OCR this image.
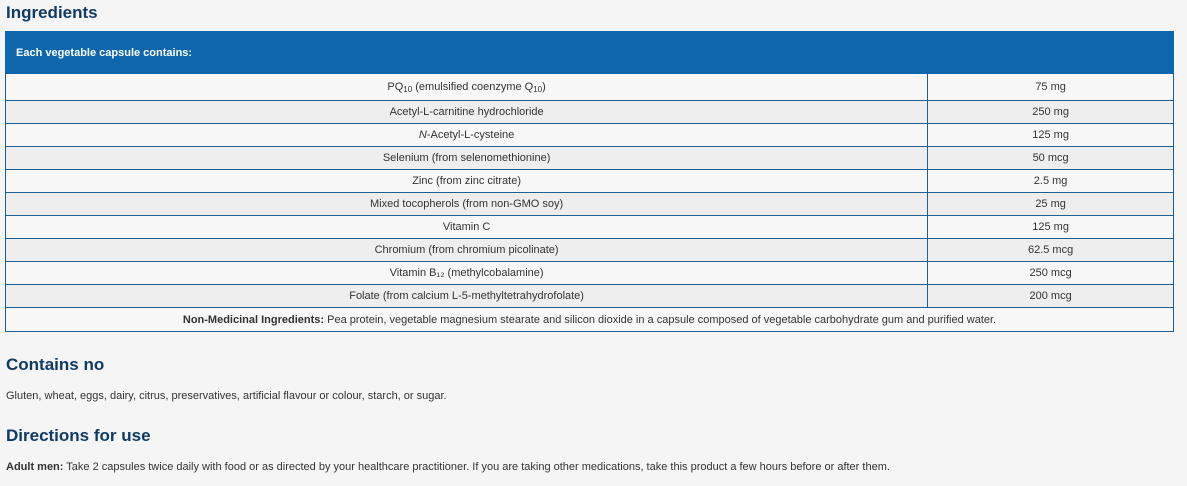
Ingredients
Each vegetable capsule contains:	
$PQ_{10}$ (emulsified coenzyme $Q_{10}$)	75 mg
Acetyl-L-carnitine hydrochloride	250 mg
N-Acetyl-L-cysteine	125 mg
Selenium (from selenomethionine)	50 mcg
Zinc (from zinc citrate)	2.5 mg
Mixed tocopherols (from non-GMO soy)	25 mg
Vitamin C	125 mg
Chromium (from chromium picolinate)	62.5 mcg
Vitamin B₁₂ (methylcobalamine)	250 mcg
Folate (from calcium L-5-methyltetrahydrofolate)	200 mcg
Non-Medicinal Ingredients: Pea protein, vegetable magnesium stearate and silicon dioxide in a capsule composed of vegetable carbohydrate gum and purified water.	
Contains no

Gluten, wheat, eggs, dairy, citrus, preservatives, artificial flavour or colour, starch, or sugar.

Directions for use

Adult men: Take 2 capsules twice daily with food or as directed by your healthcare practitioner. If you are taking other medications, take this product a few hours before or after them.
